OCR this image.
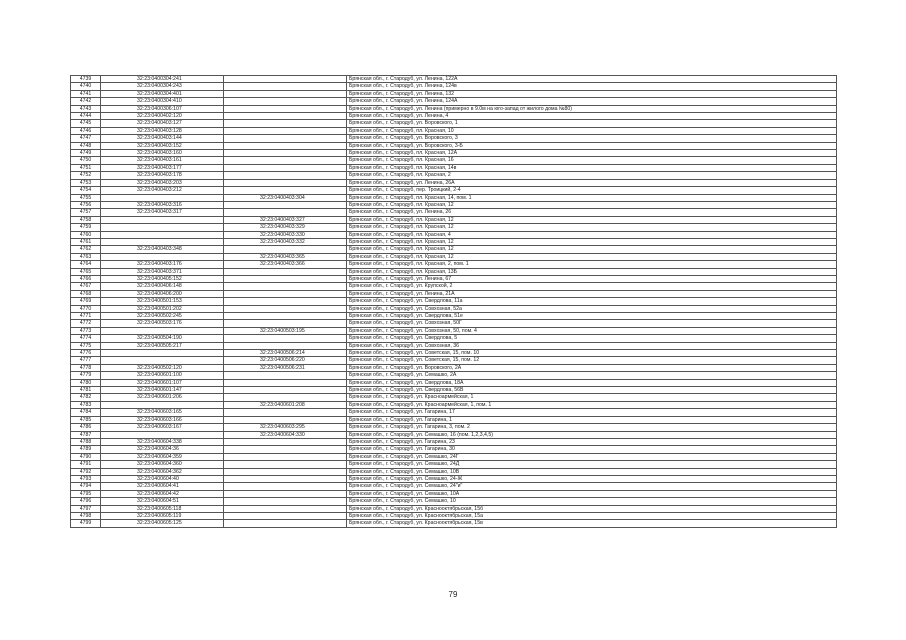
4739	32:23:0400304:241		Брянская обл., г. Стародуб, ул. Ленина, 122А
4740	32:23:0400304:243		Брянская обл., г. Стародуб, ул. Ленина, 124в
4741	32:23:0400304:401		Брянская обл., г. Стародуб, ул. Ленина, 132
4742	32:23:0400304:410		Брянская обл., г. Стародуб, ул. Ленина, 124А
4743	32:23:0400306:107		Брянская обл., г. Стародуб, ул. Ленина (примерно в 9.0м на юго-запад от жилого дома №80)
4744	32:23:0400402:120		Брянская обл., г. Стародуб, ул. Ленина, 4
4745	32:23:0400403:127		Брянская обл., г. Стародуб, ул. Воровского, 1
4746	32:23:0400403:128		Брянская обл., г. Стародуб, пл. Красная, 10
4747	32:23:0400403:144		Брянская обл., г. Стародуб, ул. Воровского, 3
4748	32:23:0400403:152		Брянская обл., г. Стародуб, ул. Воровского, 3-Б
4749	32:23:0400403:160		Брянская обл., г. Стародуб, пл. Красная, 12А
4750	32:23:0400403:161		Брянская обл., г. Стародуб, пл. Красная, 16
4751	32:23:0400403:177		Брянская обл., г. Стародуб, пл. Красная, 14в
4752	32:23:0400403:178		Брянская обл., г. Стародуб, пл. Красная, 2
4753	32:23:0400403:203		Брянская обл., г. Стародуб, ул. Ленина, 26А
4754	32:23:0400403:212		Брянская обл., г. Стародуб, пер. Троицкий, 2-4
4755		32:23:0400403:304	Брянская обл., г. Стародуб, пл. Красная, 14, пом. 1
4756	32:23:0400403:316		Брянская обл., г. Стародуб, пл. Красная, 12
4757	32:23:0400403:317		Брянская обл., г. Стародуб, ул. Ленина, 26
4758		32:23:0400403:327	Брянская обл., г. Стародуб, пл. Красная, 12
4759		32:23:0400403:329	Брянская обл., г. Стародуб, пл. Красная, 12
4760		32:23:0400403:330	Брянская обл., г. Стародуб, пл. Красная, 4
4761		32:23:0400403:332	Брянская обл., г. Стародуб, пл. Красная, 12
4762	32:23:0400403:348		Брянская обл., г. Стародуб, пл. Красная, 12
4763		32:23:0400403:365	Брянская обл., г. Стародуб, пл. Красная, 12
4764	32:23:0400403:176	32:23:0400403:366	Брянская обл., г. Стародуб, пл. Красная, 2, пом. 1
4765	32:23:0400403:371		Брянская обл., г. Стародуб, пл. Красная, 13Б
4766	32:23:0400405:152		Брянская обл., г. Стародуб, ул. Ленина, 67
4767	32:23:0400406:148		Брянская обл., г. Стародуб, ул. Крупской, 2
4768	32:23:0400406:200		Брянская обл., г. Стародуб, ул. Ленина, 21А
4769	32:23:0400501:153		Брянская обл., г. Стародуб, ул. Свердлова, 11а
4770	32:23:0400501:202		Брянская обл., г. Стародуб, ул. Совхозная, 52а
4771	32:23:0400502:245		Брянская обл., г. Стародуб, ул. Свердлова, 51е
4772	32:23:0400503:176		Брянская обл., г. Стародуб, ул. Совхозная, 50Г
4773		32:23:0400503:195	Брянская обл., г. Стародуб, ул. Совхозная, 50, пом. 4
4774	32:23:0400504:190		Брянская обл., г. Стародуб, ул. Свердлова, 5
4775	32:23:0400505:217		Брянская обл., г. Стародуб, ул. Совхозная, 36
4776		32:23:0400506:214	Брянская обл., г. Стародуб, ул. Советская, 15, пом. 10
4777		32:23:0400506:220	Брянская обл., г. Стародуб, ул. Советская, 15, пом. 12
4778	32:23:0400502:120	32:23:0400506:231	Брянская обл., г. Стародуб, ул. Воровского, 2А
4779	32:23:0400601:100		Брянская обл., г. Стародуб, ул. Семашко, 2А
4780	32:23:0400601:107		Брянская обл., г. Стародуб, ул. Свердлова, 18А
4781	32:23:0400601:147		Брянская обл., г. Стародуб, ул. Свердлова, 56В
4782	32:23:0400601:206		Брянская обл., г. Стародуб, ул. Красноармейская, 1
4783		32:23:0400601:208	Брянская обл., г. Стародуб, ул. Красноармейская, 1, пом. 1
4784	32:23:0400603:165		Брянская обл., г. Стародуб, ул. Гагарина, 17
4785	32:23:0400603:166		Брянская обл., г. Стародуб, ул. Гагарина, 1
4786	32:23:0400603:167	32:23:0400603:295	Брянская обл., г. Стародуб, ул. Гагарина, 3, пом. 2
4787		32:23:0400604:330	Брянская обл., г. Стародуб, ул. Семашко, 16 (пом. 1,2,3,4,5)
4788	32:23:0400604:338		Брянская обл., г. Стародуб, ул. Гагарина, 23
4789	32:23:0400604:36		Брянская обл., г. Стародуб, ул. Гагарина, 30
4790	32:23:0400604:359		Брянская обл., г. Стародуб, ул. Семашко, 24Г
4791	32:23:0400604:360		Брянская обл., г. Стародуб, ул. Семашко, 24Д
4792	32:23:0400604:362		Брянская обл., г. Стародуб, ул. Семашко, 10В
4793	32:23:0400604:40		Брянская обл., г. Стародуб, ул. Семашко, 24-Ж
4794	32:23:0400604:41		Брянская обл., г. Стародуб, ул. Семашко, 24"и"
4795	32:23:0400604:42		Брянская обл., г. Стародуб, ул. Семашко, 10А
4796	32:23:0400604:51		Брянская обл., г. Стародуб, ул. Семашко, 10
4797	32:23:0400605:118		Брянская обл., г. Стародуб, ул. Краснооктябрьская, 15б
4798	32:23:0400605:119		Брянская обл., г. Стародуб, ул. Краснооктябрьская, 15а
4799	32:23:0400605:125		Брянская обл., г. Стародуб, ул. Краснооктябрьская, 15в
79
